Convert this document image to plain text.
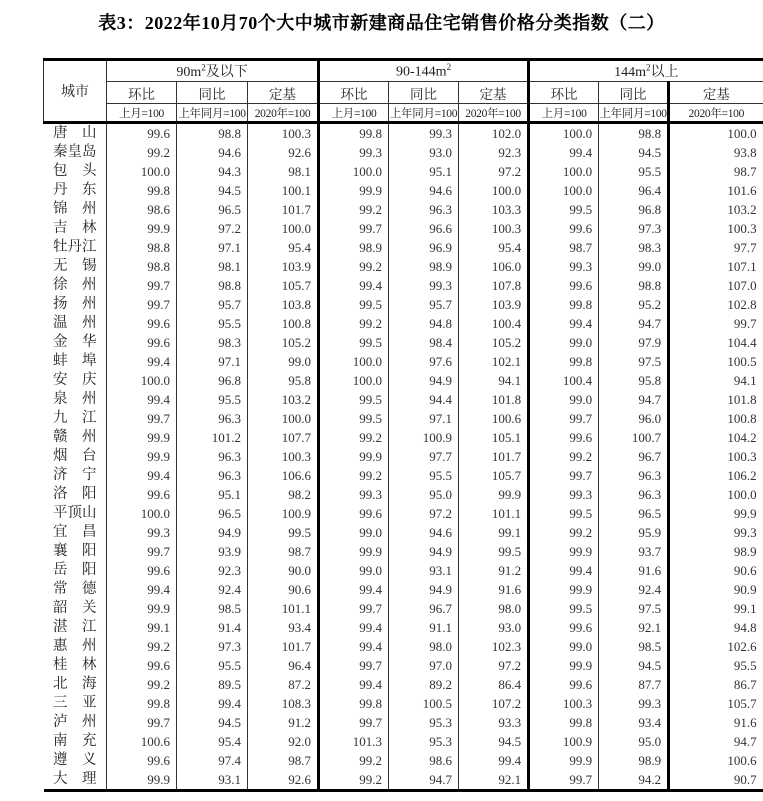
表3：2022年10月70个大中城市新建商品住宅销售价格分类指数（二）
城市	$90m^2$及以下			$90-144m^2$			$144m^2$以上		
	环比	同比	定基	环比	同比	定基	环比	同比	定基
	上月=100	上年同月=100	2020年=100	上月=100	上年同月=100	2020年=100	上月=100	上年同月=100	2020年=100
唐　山	99.6	98.8	100.3	99.8	99.3	102.0	100.0	98.8	100.0
秦皇岛	99.2	94.6	92.6	99.3	93.0	92.3	99.4	94.5	93.8
包　头	100.0	94.3	98.1	100.0	95.1	97.2	100.0	95.5	98.7
丹　东	99.8	94.5	100.1	99.9	94.6	100.0	100.0	96.4	101.6
锦　州	98.6	96.5	101.7	99.2	96.3	103.3	99.5	96.8	103.2
吉　林	99.9	97.2	100.0	99.7	96.6	100.3	99.6	97.3	100.3
牡丹江	98.8	97.1	95.4	98.9	96.9	95.4	98.7	98.3	97.7
无　锡	98.8	98.1	103.9	99.2	98.9	106.0	99.3	99.0	107.1
徐　州	99.7	98.8	105.7	99.4	99.3	107.8	99.6	98.8	107.0
扬　州	99.7	95.7	103.8	99.5	95.7	103.9	99.8	95.2	102.8
温　州	99.6	95.5	100.8	99.2	94.8	100.4	99.4	94.7	99.7
金　华	99.6	98.3	105.2	99.5	98.4	105.2	99.0	97.9	104.4
蚌　埠	99.4	97.1	99.0	100.0	97.6	102.1	99.8	97.5	100.5
安　庆	100.0	96.8	95.8	100.0	94.9	94.1	100.4	95.8	94.1
泉　州	99.4	95.5	103.2	99.5	94.4	101.8	99.0	94.7	101.8
九　江	99.7	96.3	100.0	99.5	97.1	100.6	99.7	96.0	100.8
赣　州	99.9	101.2	107.7	99.2	100.9	105.1	99.6	100.7	104.2
烟　台	99.9	96.3	100.3	99.9	97.7	101.7	99.2	96.7	100.3
济　宁	99.4	96.3	106.6	99.2	95.5	105.7	99.7	96.3	106.2
洛　阳	99.6	95.1	98.2	99.3	95.0	99.9	99.3	96.3	100.0
平顶山	100.0	96.5	100.9	99.6	97.2	101.1	99.5	96.5	99.9
宜　昌	99.3	94.9	99.5	99.0	94.6	99.1	99.2	95.9	99.3
襄　阳	99.7	93.9	98.7	99.9	94.9	99.5	99.9	93.7	98.9
岳　阳	99.6	92.3	90.0	99.0	93.1	91.2	99.4	91.6	90.6
常　德	99.4	92.4	90.6	99.4	94.9	91.6	99.9	92.4	90.9
韶　关	99.9	98.5	101.1	99.7	96.7	98.0	99.5	97.5	99.1
湛　江	99.1	91.4	93.4	99.4	91.1	93.0	99.6	92.1	94.8
惠　州	99.2	97.3	101.7	99.4	98.0	102.3	99.0	98.5	102.6
桂　林	99.6	95.5	96.4	99.7	97.0	97.2	99.9	94.5	95.5
北　海	99.2	89.5	87.2	99.4	89.2	86.4	99.6	87.7	86.7
三　亚	99.8	99.4	108.3	99.8	100.5	107.2	100.3	99.3	105.7
泸　州	99.7	94.5	91.2	99.7	95.3	93.3	99.8	93.4	91.6
南　充	100.6	95.4	92.0	101.3	95.3	94.5	100.9	95.0	94.7
遵　义	99.6	97.4	98.7	99.2	98.6	99.4	99.9	98.9	100.6
大　理	99.9	93.1	92.6	99.2	94.7	92.1	99.7	94.2	90.7
